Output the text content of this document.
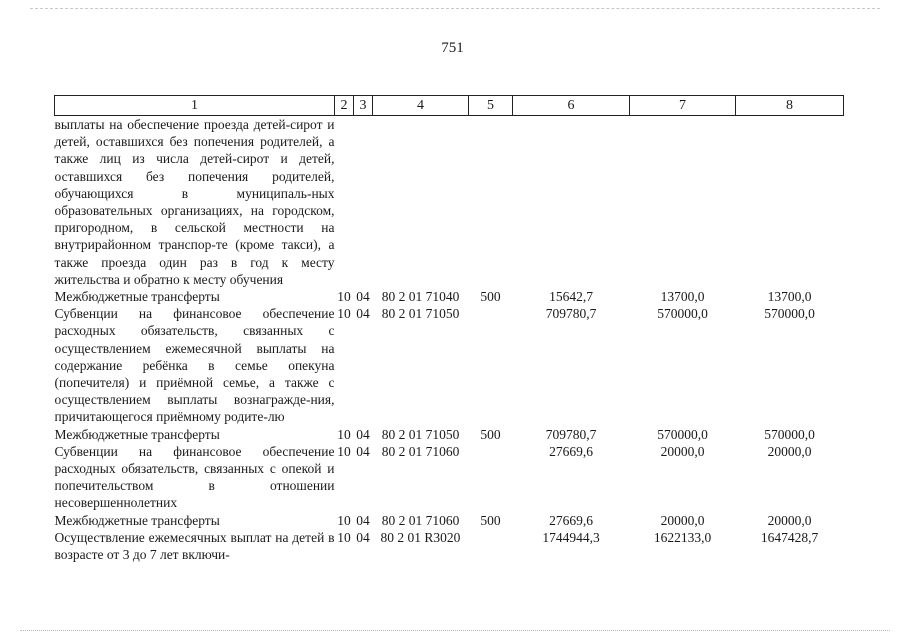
751
1	2	3	4	5	6	7	8
выплаты на обеспечение проезда детей-сирот и детей, оставшихся без попечения родителей, а также лиц из числа детей-сирот и детей, оставшихся без попечения родителей, обучающихся в муниципаль-ных образовательных организациях, на городском, пригородном, в сельской местности на внутрирайонном транспор-те (кроме такси), а также проезда один раз в год к месту жительства и обратно к месту обучения							
Межбюджетные трансферты	10	04	80 2 01 71040	500	15642,7	13700,0	13700,0
Субвенции на финансовое обеспечение расходных обязательств, связанных с осуществлением ежемесячной выплаты на содержание ребёнка в семье опекуна (попечителя) и приёмной семье, а также с осуществлением выплаты вознагражде-ния, причитающегося приёмному родите-лю	10	04	80 2 01 71050		709780,7	570000,0	570000,0
Межбюджетные трансферты	10	04	80 2 01 71050	500	709780,7	570000,0	570000,0
Субвенции на финансовое обеспечение расходных обязательств, связанных с опекой и попечительством в отношении несовершеннолетних	10	04	80 2 01 71060		27669,6	20000,0	20000,0
Межбюджетные трансферты	10	04	80 2 01 71060	500	27669,6	20000,0	20000,0
Осуществление ежемесячных выплат на детей в возрасте от 3 до 7 лет включи-	10	04	80 2 01 R3020		1744944,3	1622133,0	1647428,7
